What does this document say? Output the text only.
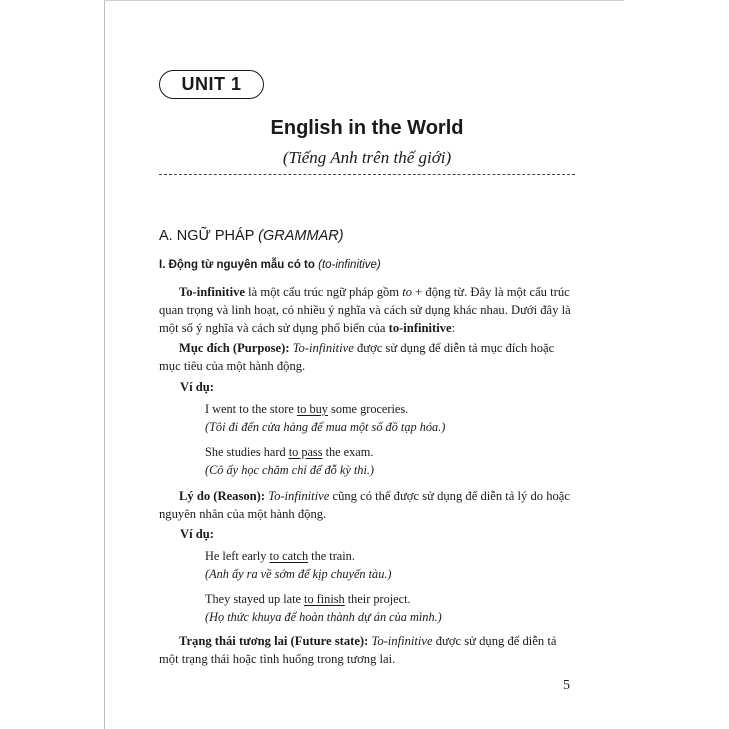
UNIT 1
English in the World
(Tiếng Anh trên thế giới)
A. NGỮ PHÁP (GRAMMAR)
I. Động từ nguyên mẫu có to (to-infinitive)
To-infinitive là một cấu trúc ngữ pháp gồm to + động từ. Đây là một cấu trúc quan trọng và linh hoạt, có nhiều ý nghĩa và cách sử dụng khác nhau. Dưới đây là một số ý nghĩa và cách sử dụng phổ biến của to-infinitive:
Mục đích (Purpose): To-infinitive được sử dụng để diễn tả mục đích hoặc mục tiêu của một hành động.
Ví dụ:
I went to the store to buy some groceries.
(Tôi đi đến cửa hàng để mua một số đồ tạp hóa.)
She studies hard to pass the exam.
(Cô ấy học chăm chỉ để đỗ kỳ thi.)
Lý do (Reason): To-infinitive cũng có thể được sử dụng để diễn tả lý do hoặc nguyên nhân của một hành động.
Ví dụ:
He left early to catch the train.
(Anh ấy ra về sớm để kịp chuyến tàu.)
They stayed up late to finish their project.
(Họ thức khuya để hoàn thành dự án của mình.)
Trạng thái tương lai (Future state): To-infinitive được sử dụng để diễn tả một trạng thái hoặc tình huống trong tương lai.
5
